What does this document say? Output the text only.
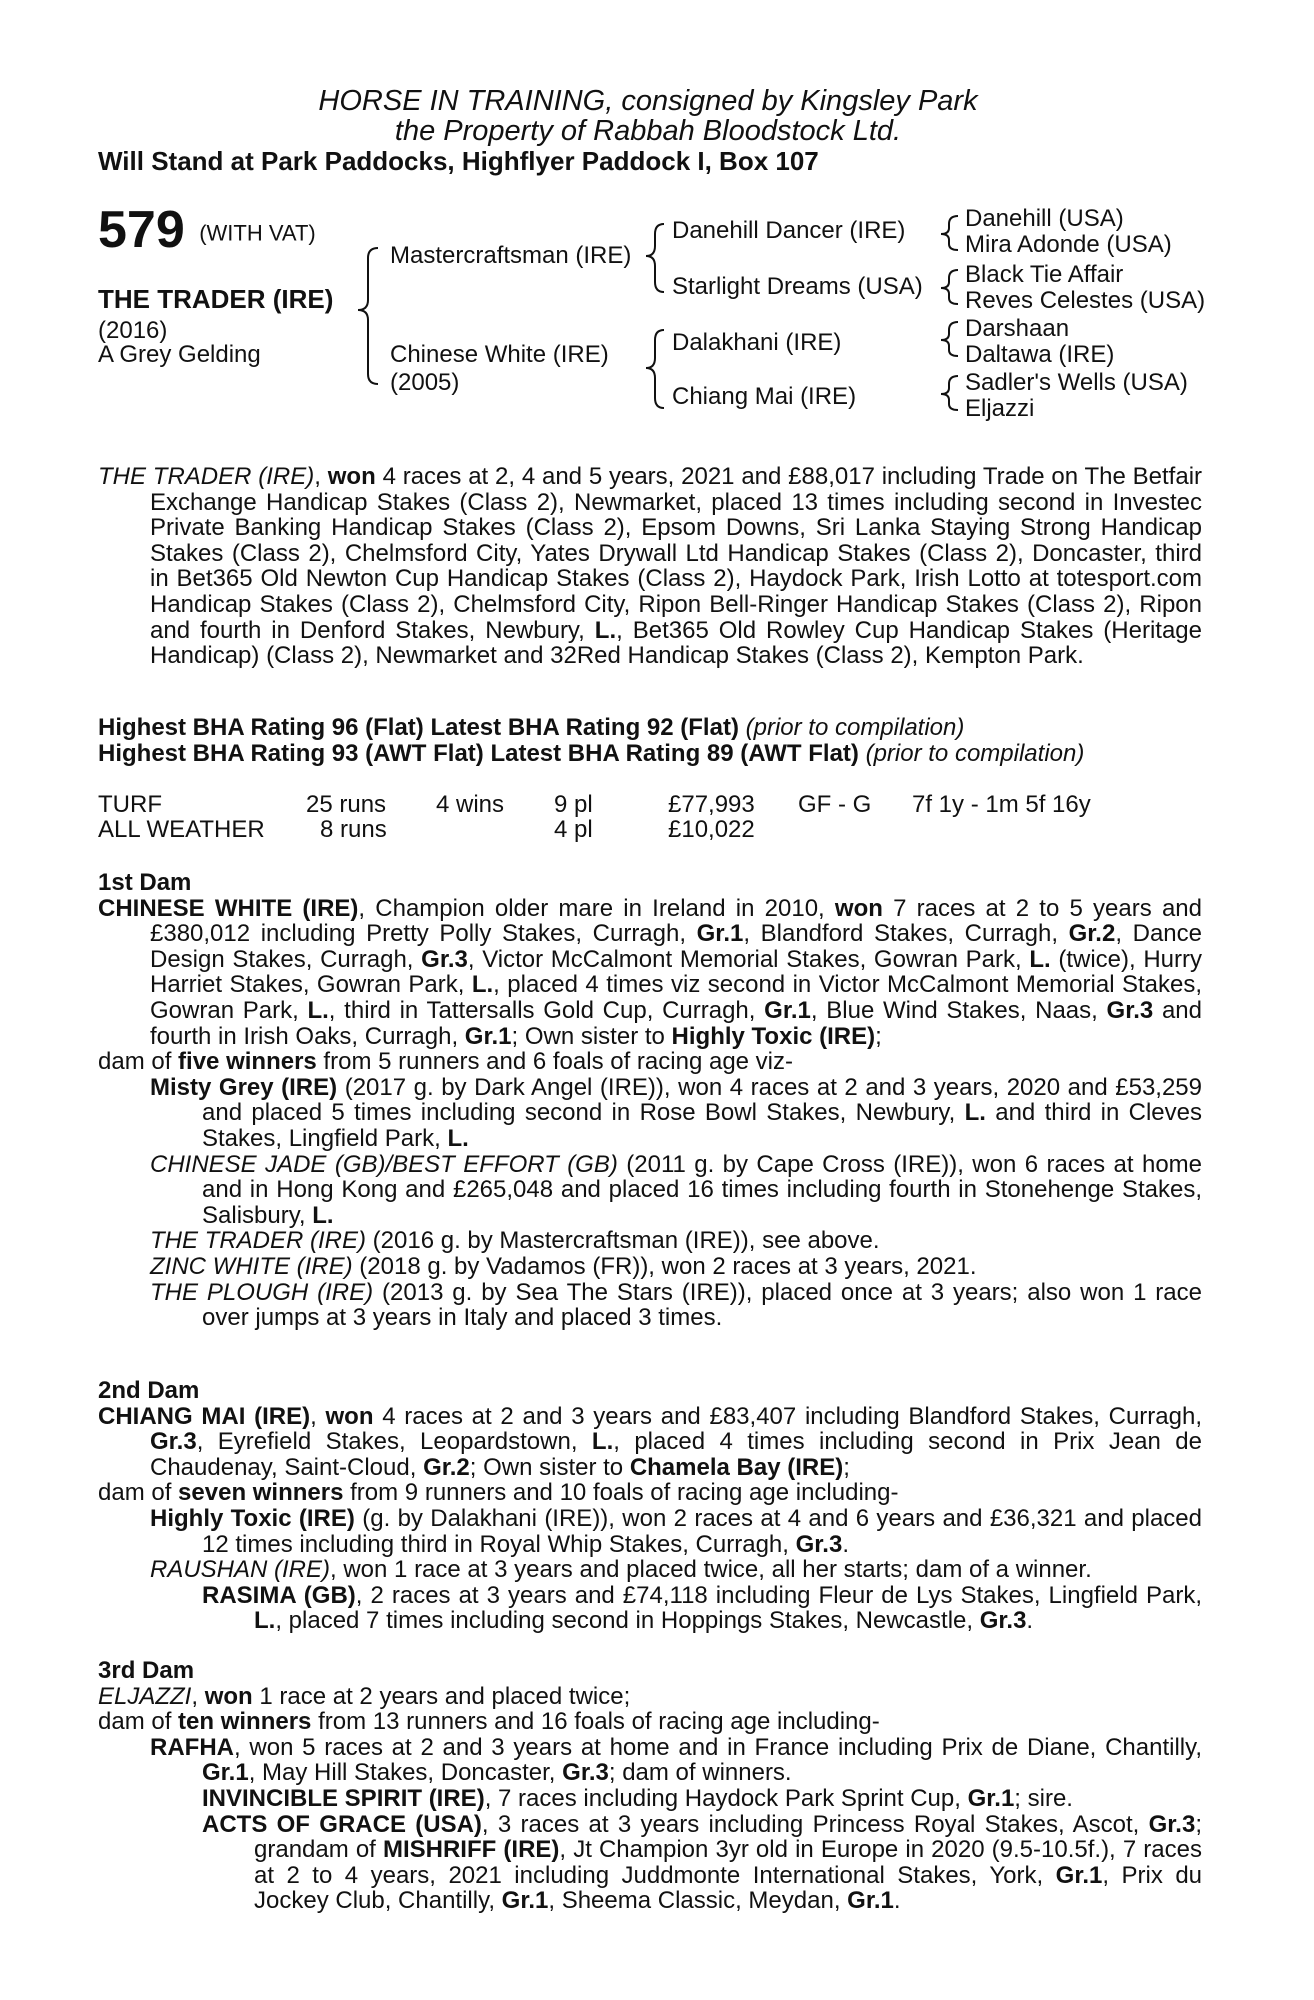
HORSE IN TRAINING, consigned by Kingsley Park
the Property of Rabbah Bloodstock Ltd.
Will Stand at Park Paddocks, Highflyer Paddock I, Box 107
579 (WITH VAT)
THE TRADER (IRE)
(2016)
A Grey Gelding
Mastercraftsman (IRE)
Chinese White (IRE)
(2005)
Danehill Dancer (IRE)
Starlight Dreams (USA)
Dalakhani (IRE)
Chiang Mai (IRE)
Danehill (USA)
Mira Adonde (USA)
Black Tie Affair
Reves Celestes (USA)
Darshaan
Daltawa (IRE)
Sadler's Wells (USA)
Eljazzi

THE TRADER (IRE), won 4 races at 2, 4 and 5 years, 2021 and £88,017 including Trade on The Betfair Exchange Handicap Stakes (Class 2), Newmarket, placed 13 times including second in Investec Private Banking Handicap Stakes (Class 2), Epsom Downs, Sri Lanka Staying Strong Handicap Stakes (Class 2), Chelmsford City, Yates Drywall Ltd Handicap Stakes (Class 2), Doncaster, third in Bet365 Old Newton Cup Handicap Stakes (Class 2), Haydock Park, Irish Lotto at totesport.com Handicap Stakes (Class 2), Chelmsford City, Ripon Bell-Ringer Handicap Stakes (Class 2), Ripon and fourth in Denford Stakes, Newbury, L., Bet365 Old Rowley Cup Handicap Stakes (Heritage Handicap) (Class 2), Newmarket and 32Red Handicap Stakes (Class 2), Kempton Park.

Highest BHA Rating 96 (Flat) Latest BHA Rating 92 (Flat) (prior to compilation)

Highest BHA Rating 93 (AWT Flat) Latest BHA Rating 89 (AWT Flat) (prior to compilation)

TURF	25 runs	4 wins	9 pl	£77,993	GF - G	7f 1y - 1m 5f 16y
ALL WEATHER	8 runs		4 pl	£10,022		

1st Dam

CHINESE WHITE (IRE), Champion older mare in Ireland in 2010, won 7 races at 2 to 5 years and £380,012 including Pretty Polly Stakes, Curragh, Gr.1, Blandford Stakes, Curragh, Gr.2, Dance Design Stakes, Curragh, Gr.3, Victor McCalmont Memorial Stakes, Gowran Park, L. (twice), Hurry Harriet Stakes, Gowran Park, L., placed 4 times viz second in Victor McCalmont Memorial Stakes, Gowran Park, L., third in Tattersalls Gold Cup, Curragh, Gr.1, Blue Wind Stakes, Naas, Gr.3 and fourth in Irish Oaks, Curragh, Gr.1; Own sister to Highly Toxic (IRE);

dam of five winners from 5 runners and 6 foals of racing age viz-

Misty Grey (IRE) (2017 g. by Dark Angel (IRE)), won 4 races at 2 and 3 years, 2020 and £53,259 and placed 5 times including second in Rose Bowl Stakes, Newbury, L. and third in Cleves Stakes, Lingfield Park, L.

CHINESE JADE (GB)/BEST EFFORT (GB) (2011 g. by Cape Cross (IRE)), won 6 races at home and in Hong Kong and £265,048 and placed 16 times including fourth in Stonehenge Stakes, Salisbury, L.

THE TRADER (IRE) (2016 g. by Mastercraftsman (IRE)), see above.

ZINC WHITE (IRE) (2018 g. by Vadamos (FR)), won 2 races at 3 years, 2021.

THE PLOUGH (IRE) (2013 g. by Sea The Stars (IRE)), placed once at 3 years; also won 1 race over jumps at 3 years in Italy and placed 3 times.

2nd Dam

CHIANG MAI (IRE), won 4 races at 2 and 3 years and £83,407 including Blandford Stakes, Curragh, Gr.3, Eyrefield Stakes, Leopardstown, L., placed 4 times including second in Prix Jean de Chaudenay, Saint-Cloud, Gr.2; Own sister to Chamela Bay (IRE);

dam of seven winners from 9 runners and 10 foals of racing age including-

Highly Toxic (IRE) (g. by Dalakhani (IRE)), won 2 races at 4 and 6 years and £36,321 and placed 12 times including third in Royal Whip Stakes, Curragh, Gr.3.

RAUSHAN (IRE), won 1 race at 3 years and placed twice, all her starts; dam of a winner.

RASIMA (GB), 2 races at 3 years and £74,118 including Fleur de Lys Stakes, Lingfield Park, L., placed 7 times including second in Hoppings Stakes, Newcastle, Gr.3.

3rd Dam

ELJAZZI, won 1 race at 2 years and placed twice;

dam of ten winners from 13 runners and 16 foals of racing age including-

RAFHA, won 5 races at 2 and 3 years at home and in France including Prix de Diane, Chantilly, Gr.1, May Hill Stakes, Doncaster, Gr.3; dam of winners.

INVINCIBLE SPIRIT (IRE), 7 races including Haydock Park Sprint Cup, Gr.1; sire.

ACTS OF GRACE (USA), 3 races at 3 years including Princess Royal Stakes, Ascot, Gr.3; grandam of MISHRIFF (IRE), Jt Champion 3yr old in Europe in 2020 (9.5-10.5f.), 7 races at 2 to 4 years, 2021 including Juddmonte International Stakes, York, Gr.1, Prix du Jockey Club, Chantilly, Gr.1, Sheema Classic, Meydan, Gr.1.
